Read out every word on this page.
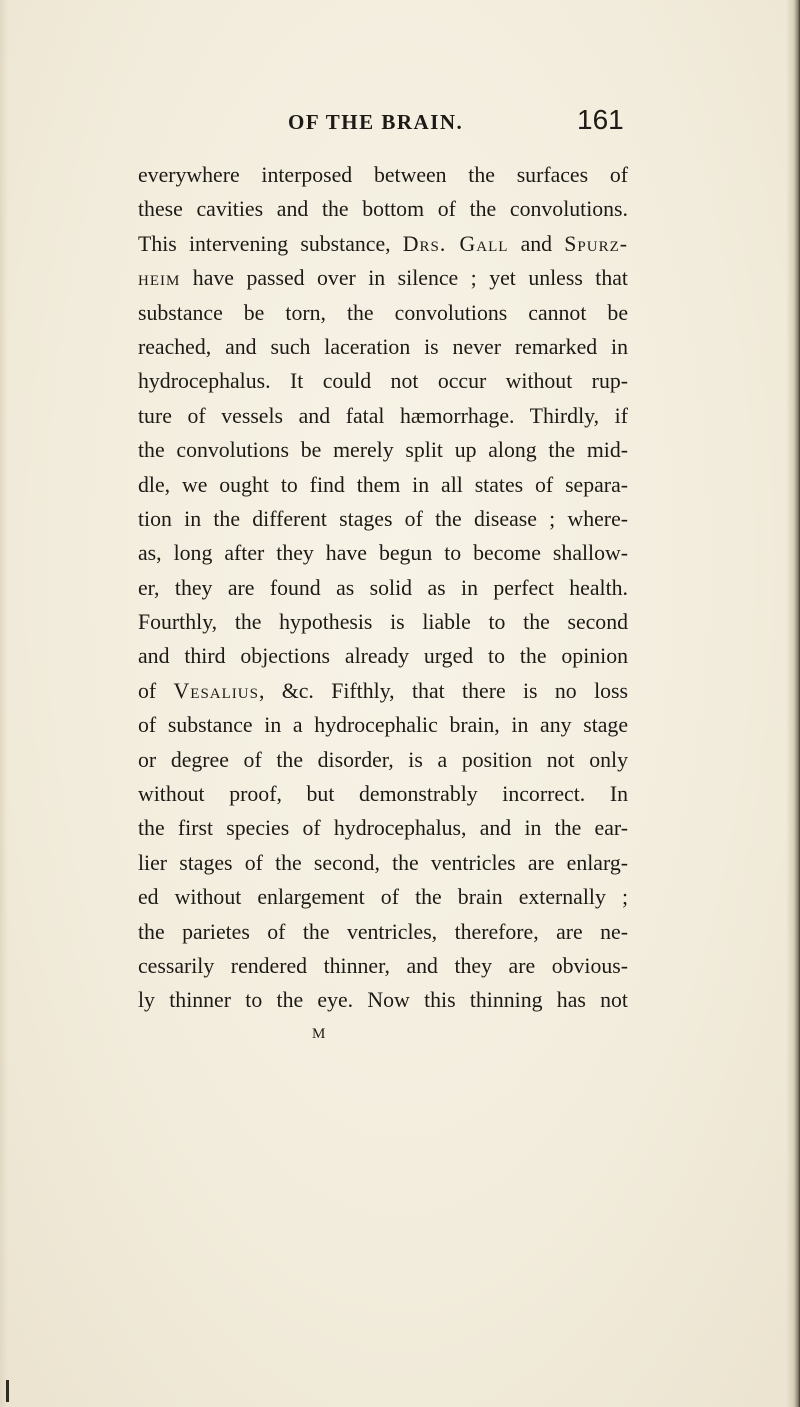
OF THE BRAIN.	161
everywhere interposed between the surfaces of
these cavities and the bottom of the convolutions.
This intervening substance, Drs. Gall and Spurz-
heim have passed over in silence ; yet unless that
substance be torn, the convolutions cannot be
reached, and such laceration is never remarked in
hydrocephalus. It could not occur without rup-
ture of vessels and fatal hæmorrhage. Thirdly, if
the convolutions be merely split up along the mid-
dle, we ought to find them in all states of separa-
tion in the different stages of the disease ; where-
as, long after they have begun to become shallow-
er, they are found as solid as in perfect health.
Fourthly, the hypothesis is liable to the second
and third objections already urged to the opinion
of Vesalius, &c. Fifthly, that there is no loss
of substance in a hydrocephalic brain, in any stage
or degree of the disorder, is a position not only
without proof, but demonstrably incorrect. In
the first species of hydrocephalus, and in the ear-
lier stages of the second, the ventricles are enlarg-
ed without enlargement of the brain externally ;
the parietes of the ventricles, therefore, are ne-
cessarily rendered thinner, and they are obvious-
ly thinner to the eye. Now this thinning has not
M
